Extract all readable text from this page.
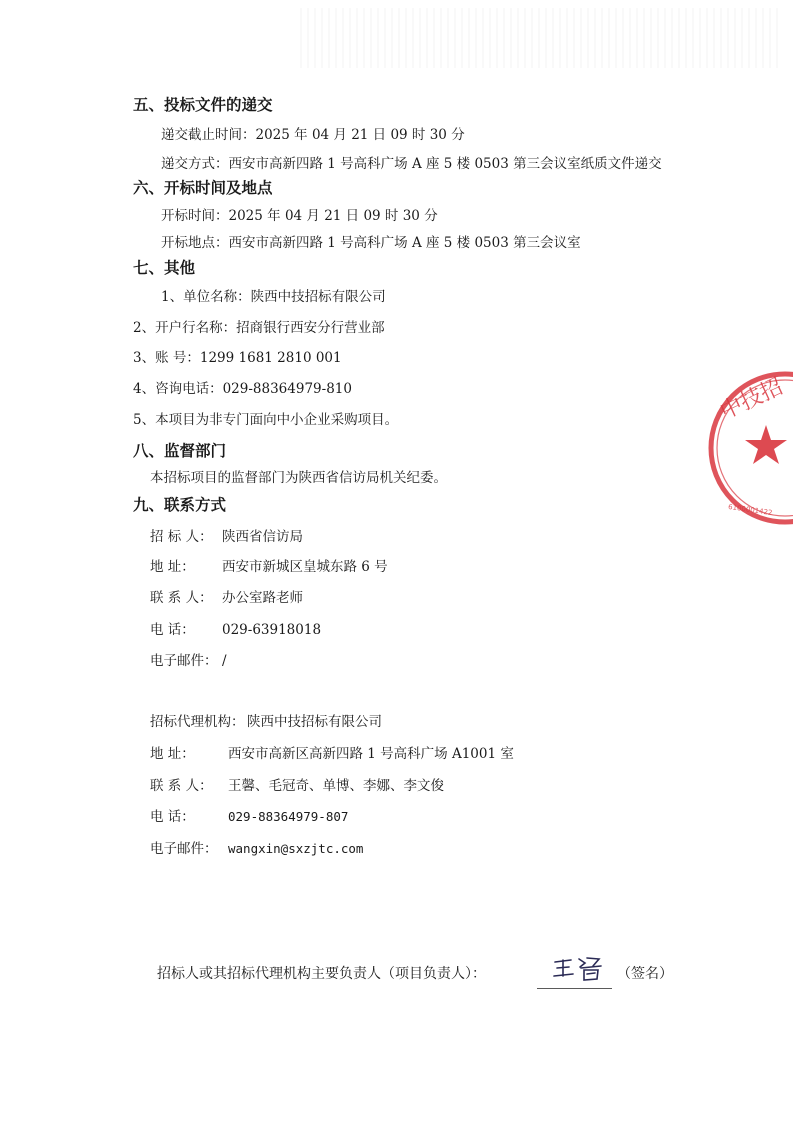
五、投标文件的递交
递交截止时间：2025 年 04 月 21 日 09 时 30 分
递交方式：西安市高新四路 1 号高科广场 A 座 5 楼 0503 第三会议室纸质文件递交
六、开标时间及地点
开标时间：2025 年 04 月 21 日 09 时 30 分
开标地点：西安市高新四路 1 号高科广场 A 座 5 楼 0503 第三会议室
七、其他
1、单位名称：陕西中技招标有限公司
2、开户行名称：招商银行西安分行营业部
3、账 号：1299 1681 2810 001
4、咨询电话：029-88364979-810
5、本项目为非专门面向中小企业采购项目。
八、监督部门
本招标项目的监督部门为陕西省信访局机关纪委。
九、联系方式
招 标 人： 陕西省信访局
地 址： 西安市新城区皇城东路 6 号
联 系 人： 办公室路老师
电 话： 029-63918018
电子邮件： /
招标代理机构： 陕西中技招标有限公司
地 址： 西安市高新区高新四路 1 号高科广场 A1001 室
联 系 人： 王馨、毛冠奇、单博、李娜、李文俊
电 话：	029-88364979-807
电子邮件： wangxin@sxzjtc.com
招标人或其招标代理机构主要负责人（项目负责人）：	（签名）
中技招
6100001422
